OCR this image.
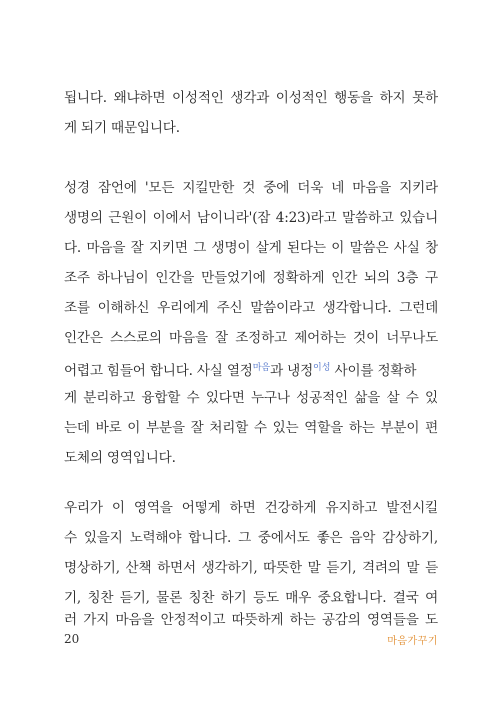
됩니다. 왜냐하면 이성적인 생각과 이성적인 행동을 하지 못하
게 되기 때문입니다.
성경 잠언에 '모든 지킬만한 것 중에 더욱 네 마음을 지키라
생명의 근원이 이에서 남이니라'(잠 4:23)라고 말씀하고 있습니
다. 마음을 잘 지키면 그 생명이 살게 된다는 이 말씀은 사실 창
조주 하나님이 인간을 만들었기에 정확하게 인간 뇌의 3층 구
조를 이해하신 우리에게 주신 말씀이라고 생각합니다. 그런데
인간은 스스로의 마음을 잘 조정하고 제어하는 것이 너무나도
어렵고 힘들어 합니다. 사실 열정$^{마음}$과 냉정$^{이성}$ 사이를 정확하
게 분리하고 융합할 수 있다면 누구나 성공적인 삶을 살 수 있
는데 바로 이 부분을 잘 처리할 수 있는 역할을 하는 부분이 편
도체의 영역입니다.
우리가 이 영역을 어떻게 하면 건강하게 유지하고 발전시킬
수 있을지 노력해야 합니다. 그 중에서도 좋은 음악 감상하기,
명상하기, 산책 하면서 생각하기, 따뜻한 말 듣기, 격려의 말 듣
기, 칭찬 듣기, 물론 칭찬 하기 등도 매우 중요합니다. 결국 여
러 가지 마음을 안정적이고 따뜻하게 하는 공감의 영역들을 도
20	마음가꾸기
